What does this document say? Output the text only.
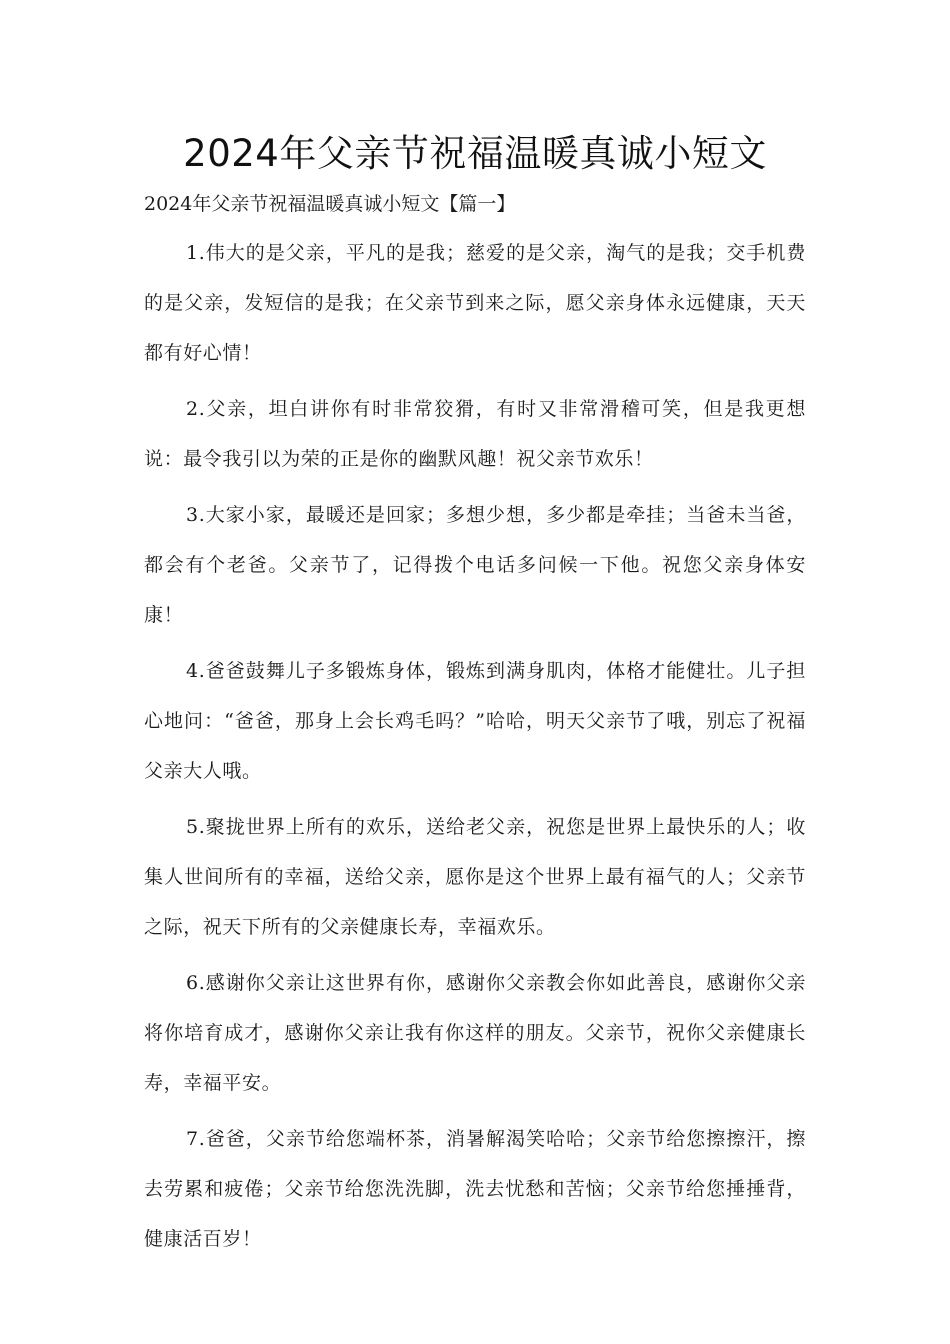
2024年父亲节祝福温暖真诚小短文
2024年父亲节祝福温暖真诚小短文【篇一】

1.伟大的是父亲，平凡的是我；慈爱的是父亲，淘气的是我；交手机费的是父亲，发短信的是我；在父亲节到来之际，愿父亲身体永远健康，天天都有好心情！

2.父亲，坦白讲你有时非常狡猾，有时又非常滑稽可笑，但是我更想说：最令我引以为荣的正是你的幽默风趣！祝父亲节欢乐！

3.大家小家，最暖还是回家；多想少想，多少都是牵挂；当爸未当爸，都会有个老爸。父亲节了，记得拨个电话多问候一下他。祝您父亲身体安康！

4.爸爸鼓舞儿子多锻炼身体，锻炼到满身肌肉，体格才能健壮。儿子担心地问：“爸爸，那身上会长鸡毛吗？”哈哈，明天父亲节了哦，别忘了祝福父亲大人哦。

5.聚拢世界上所有的欢乐，送给老父亲，祝您是世界上最快乐的人；收集人世间所有的幸福，送给父亲，愿你是这个世界上最有福气的人；父亲节之际，祝天下所有的父亲健康长寿，幸福欢乐。

6.感谢你父亲让这世界有你，感谢你父亲教会你如此善良，感谢你父亲将你培育成才，感谢你父亲让我有你这样的朋友。父亲节，祝你父亲健康长寿，幸福平安。

7.爸爸，父亲节给您端杯茶，消暑解渴笑哈哈；父亲节给您擦擦汗，擦去劳累和疲倦；父亲节给您洗洗脚，洗去忧愁和苦恼；父亲节给您捶捶背，健康活百岁！
